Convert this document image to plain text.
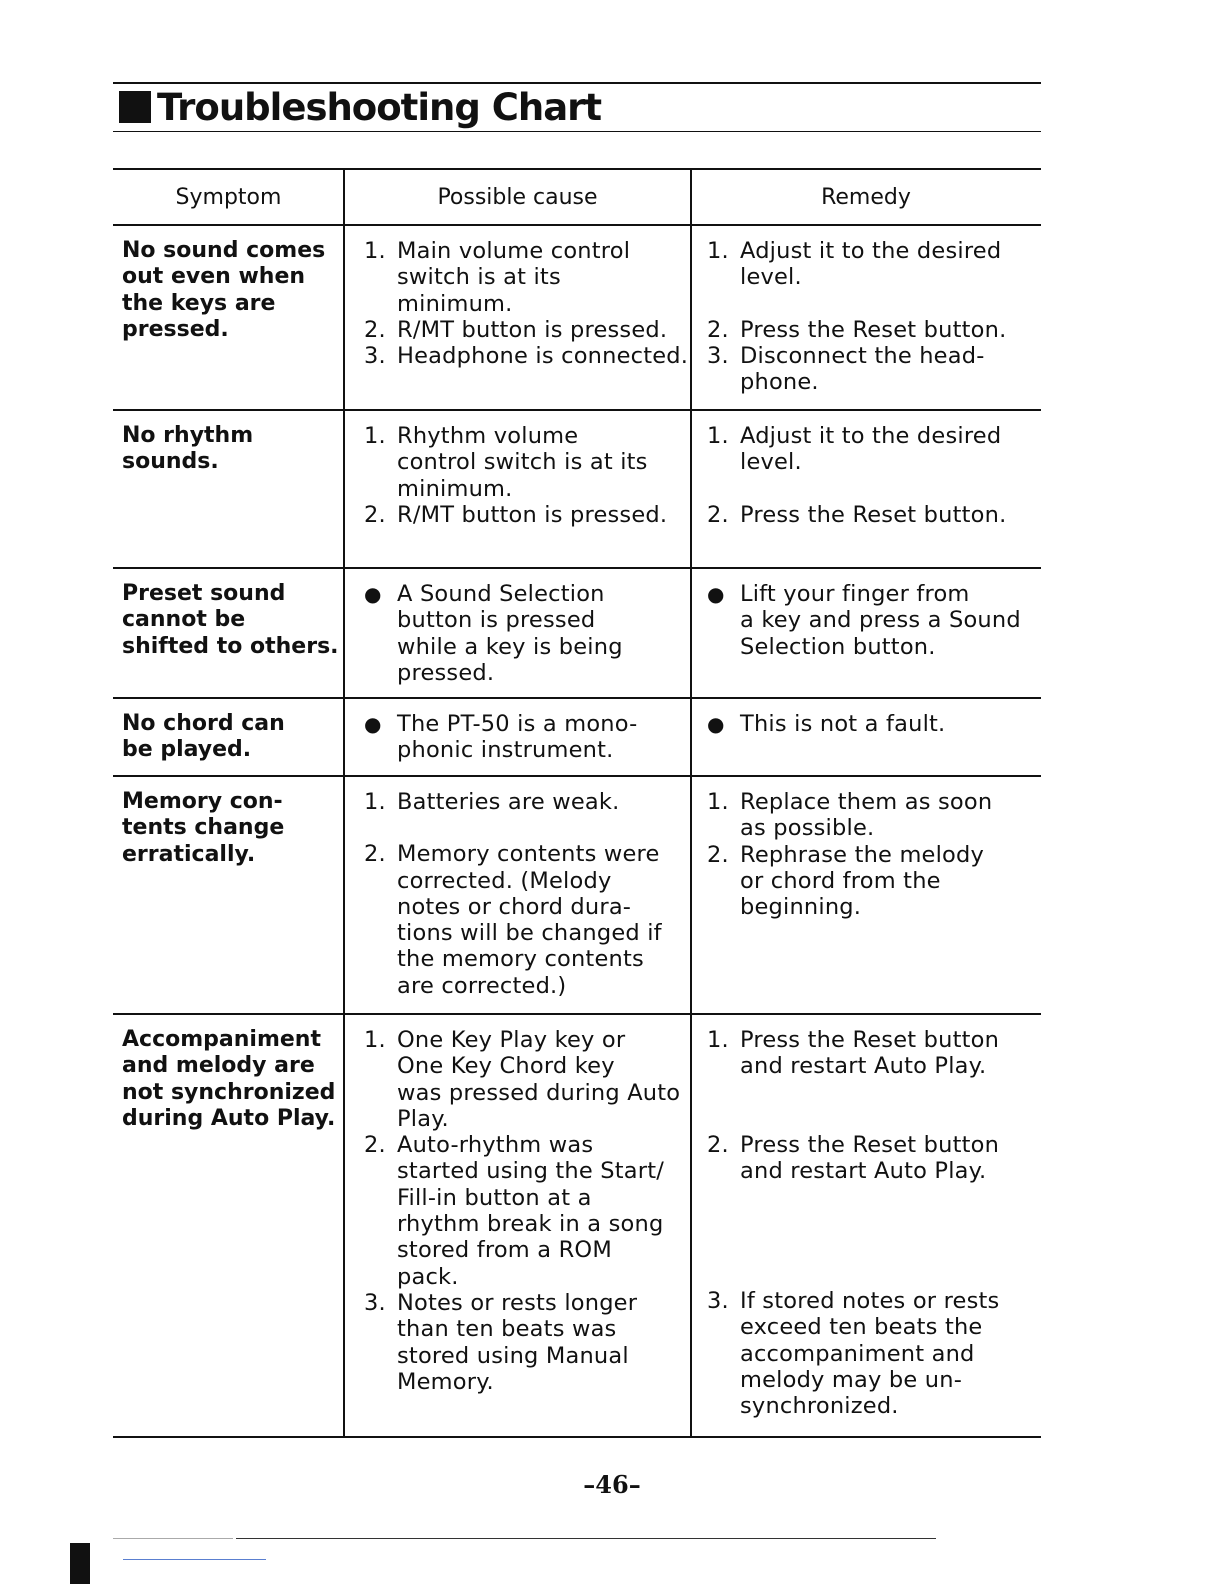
Troubleshooting Chart
Symptom	Possible cause	Remedy
No sound comes
out even when
the keys are
pressed.
1. Main volume control
switch is at its
minimum.
2. R/MT button is pressed.
3. Headphone is connected.
1. Adjust it to the desired
level.
2. Press the Reset button.
3. Disconnect the head-
phone.
No rhythm
sounds.
1. Rhythm volume
control switch is at its
minimum.
2. R/MT button is pressed.
1. Adjust it to the desired
level.
2. Press the Reset button.
Preset sound
cannot be
shifted to others.
● A Sound Selection
button is pressed
while a key is being
pressed.
● Lift your finger from
a key and press a Sound
Selection button.
No chord can
be played.
● The PT-50 is a mono-
phonic instrument.
● This is not a fault.
Memory con-
tents change
erratically.
1. Batteries are weak.
2. Memory contents were
corrected. (Melody
notes or chord dura-
tions will be changed if
the memory contents
are corrected.)
1. Replace them as soon
as possible.
2. Rephrase the melody
or chord from the
beginning.
Accompaniment
and melody are
not synchronized
during Auto Play.
1. One Key Play key or
One Key Chord key
was pressed during Auto
Play.
2. Auto-rhythm was
started using the Start/
Fill-in button at a
rhythm break in a song
stored from a ROM
pack.
3. Notes or rests longer
than ten beats was
stored using Manual
Memory.
1. Press the Reset button
and restart Auto Play.
2. Press the Reset button
and restart Auto Play.
3. If stored notes or rests
exceed ten beats the
accompaniment and
melody may be un-
synchronized.
–46–
